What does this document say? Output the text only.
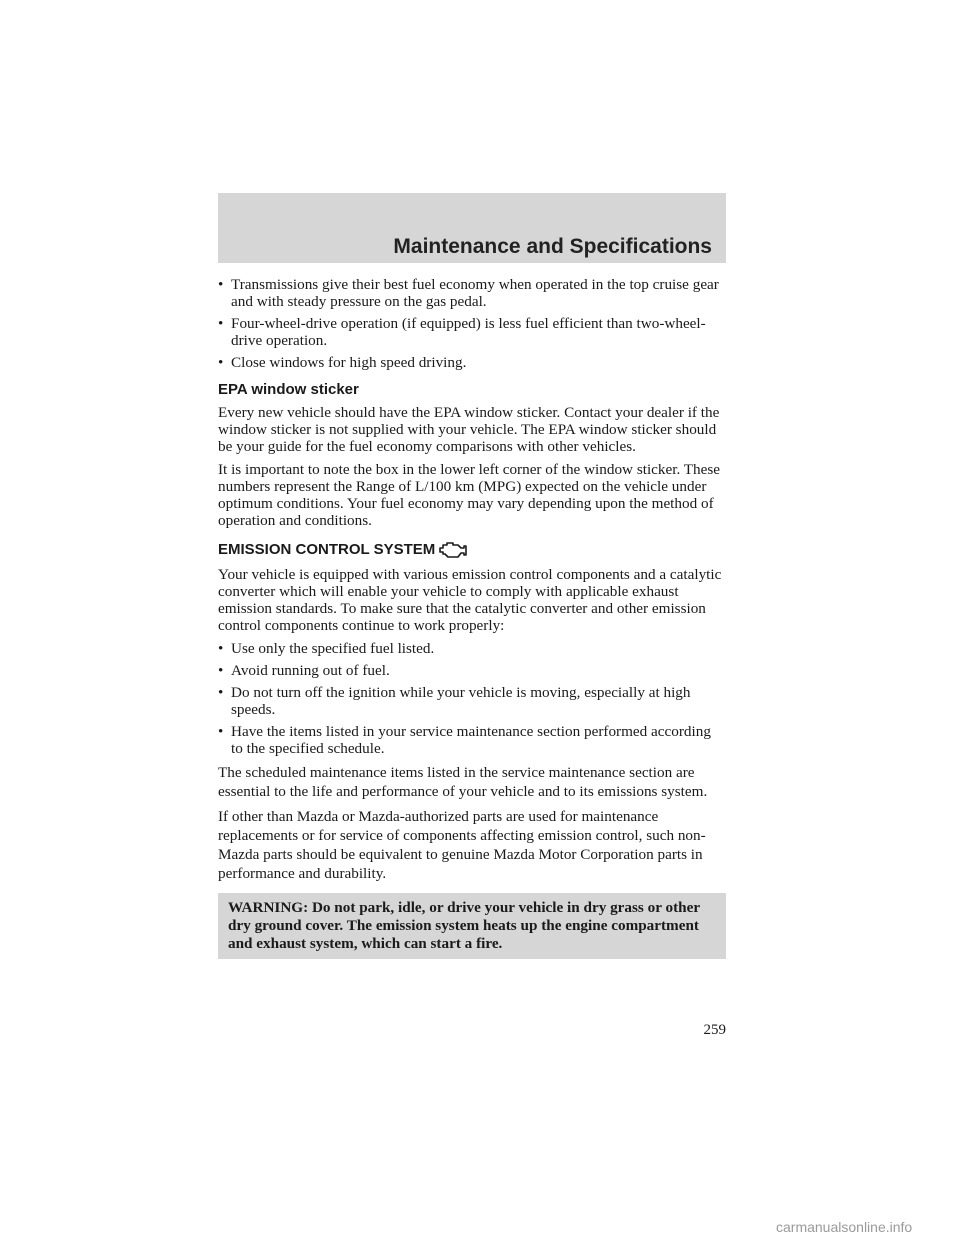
Maintenance and Specifications
• Transmissions give their best fuel economy when operated in the top cruise gear and with steady pressure on the gas pedal.
• Four-wheel-drive operation (if equipped) is less fuel efficient than two-wheel-drive operation.
• Close windows for high speed driving.
EPA window sticker

Every new vehicle should have the EPA window sticker. Contact your dealer if the window sticker is not supplied with your vehicle. The EPA window sticker should be your guide for the fuel economy comparisons with other vehicles.

It is important to note the box in the lower left corner of the window sticker. These numbers represent the Range of L/100 km (MPG) expected on the vehicle under optimum conditions. Your fuel economy may vary depending upon the method of operation and conditions.

EMISSION CONTROL SYSTEM

Your vehicle is equipped with various emission control components and a catalytic converter which will enable your vehicle to comply with applicable exhaust emission standards. To make sure that the catalytic converter and other emission control components continue to work properly:

• Use only the specified fuel listed.
• Avoid running out of fuel.
• Do not turn off the ignition while your vehicle is moving, especially at high speeds.
• Have the items listed in your service maintenance section performed according to the specified schedule.

The scheduled maintenance items listed in the service maintenance section are essential to the life and performance of your vehicle and to its emissions system.

If other than Mazda or Mazda-authorized parts are used for maintenance replacements or for service of components affecting emission control, such non-Mazda parts should be equivalent to genuine Mazda Motor Corporation parts in performance and durability.

WARNING: Do not park, idle, or drive your vehicle in dry grass or other dry ground cover. The emission system heats up the engine compartment and exhaust system, which can start a fire.
259
carmanualsonline.info
